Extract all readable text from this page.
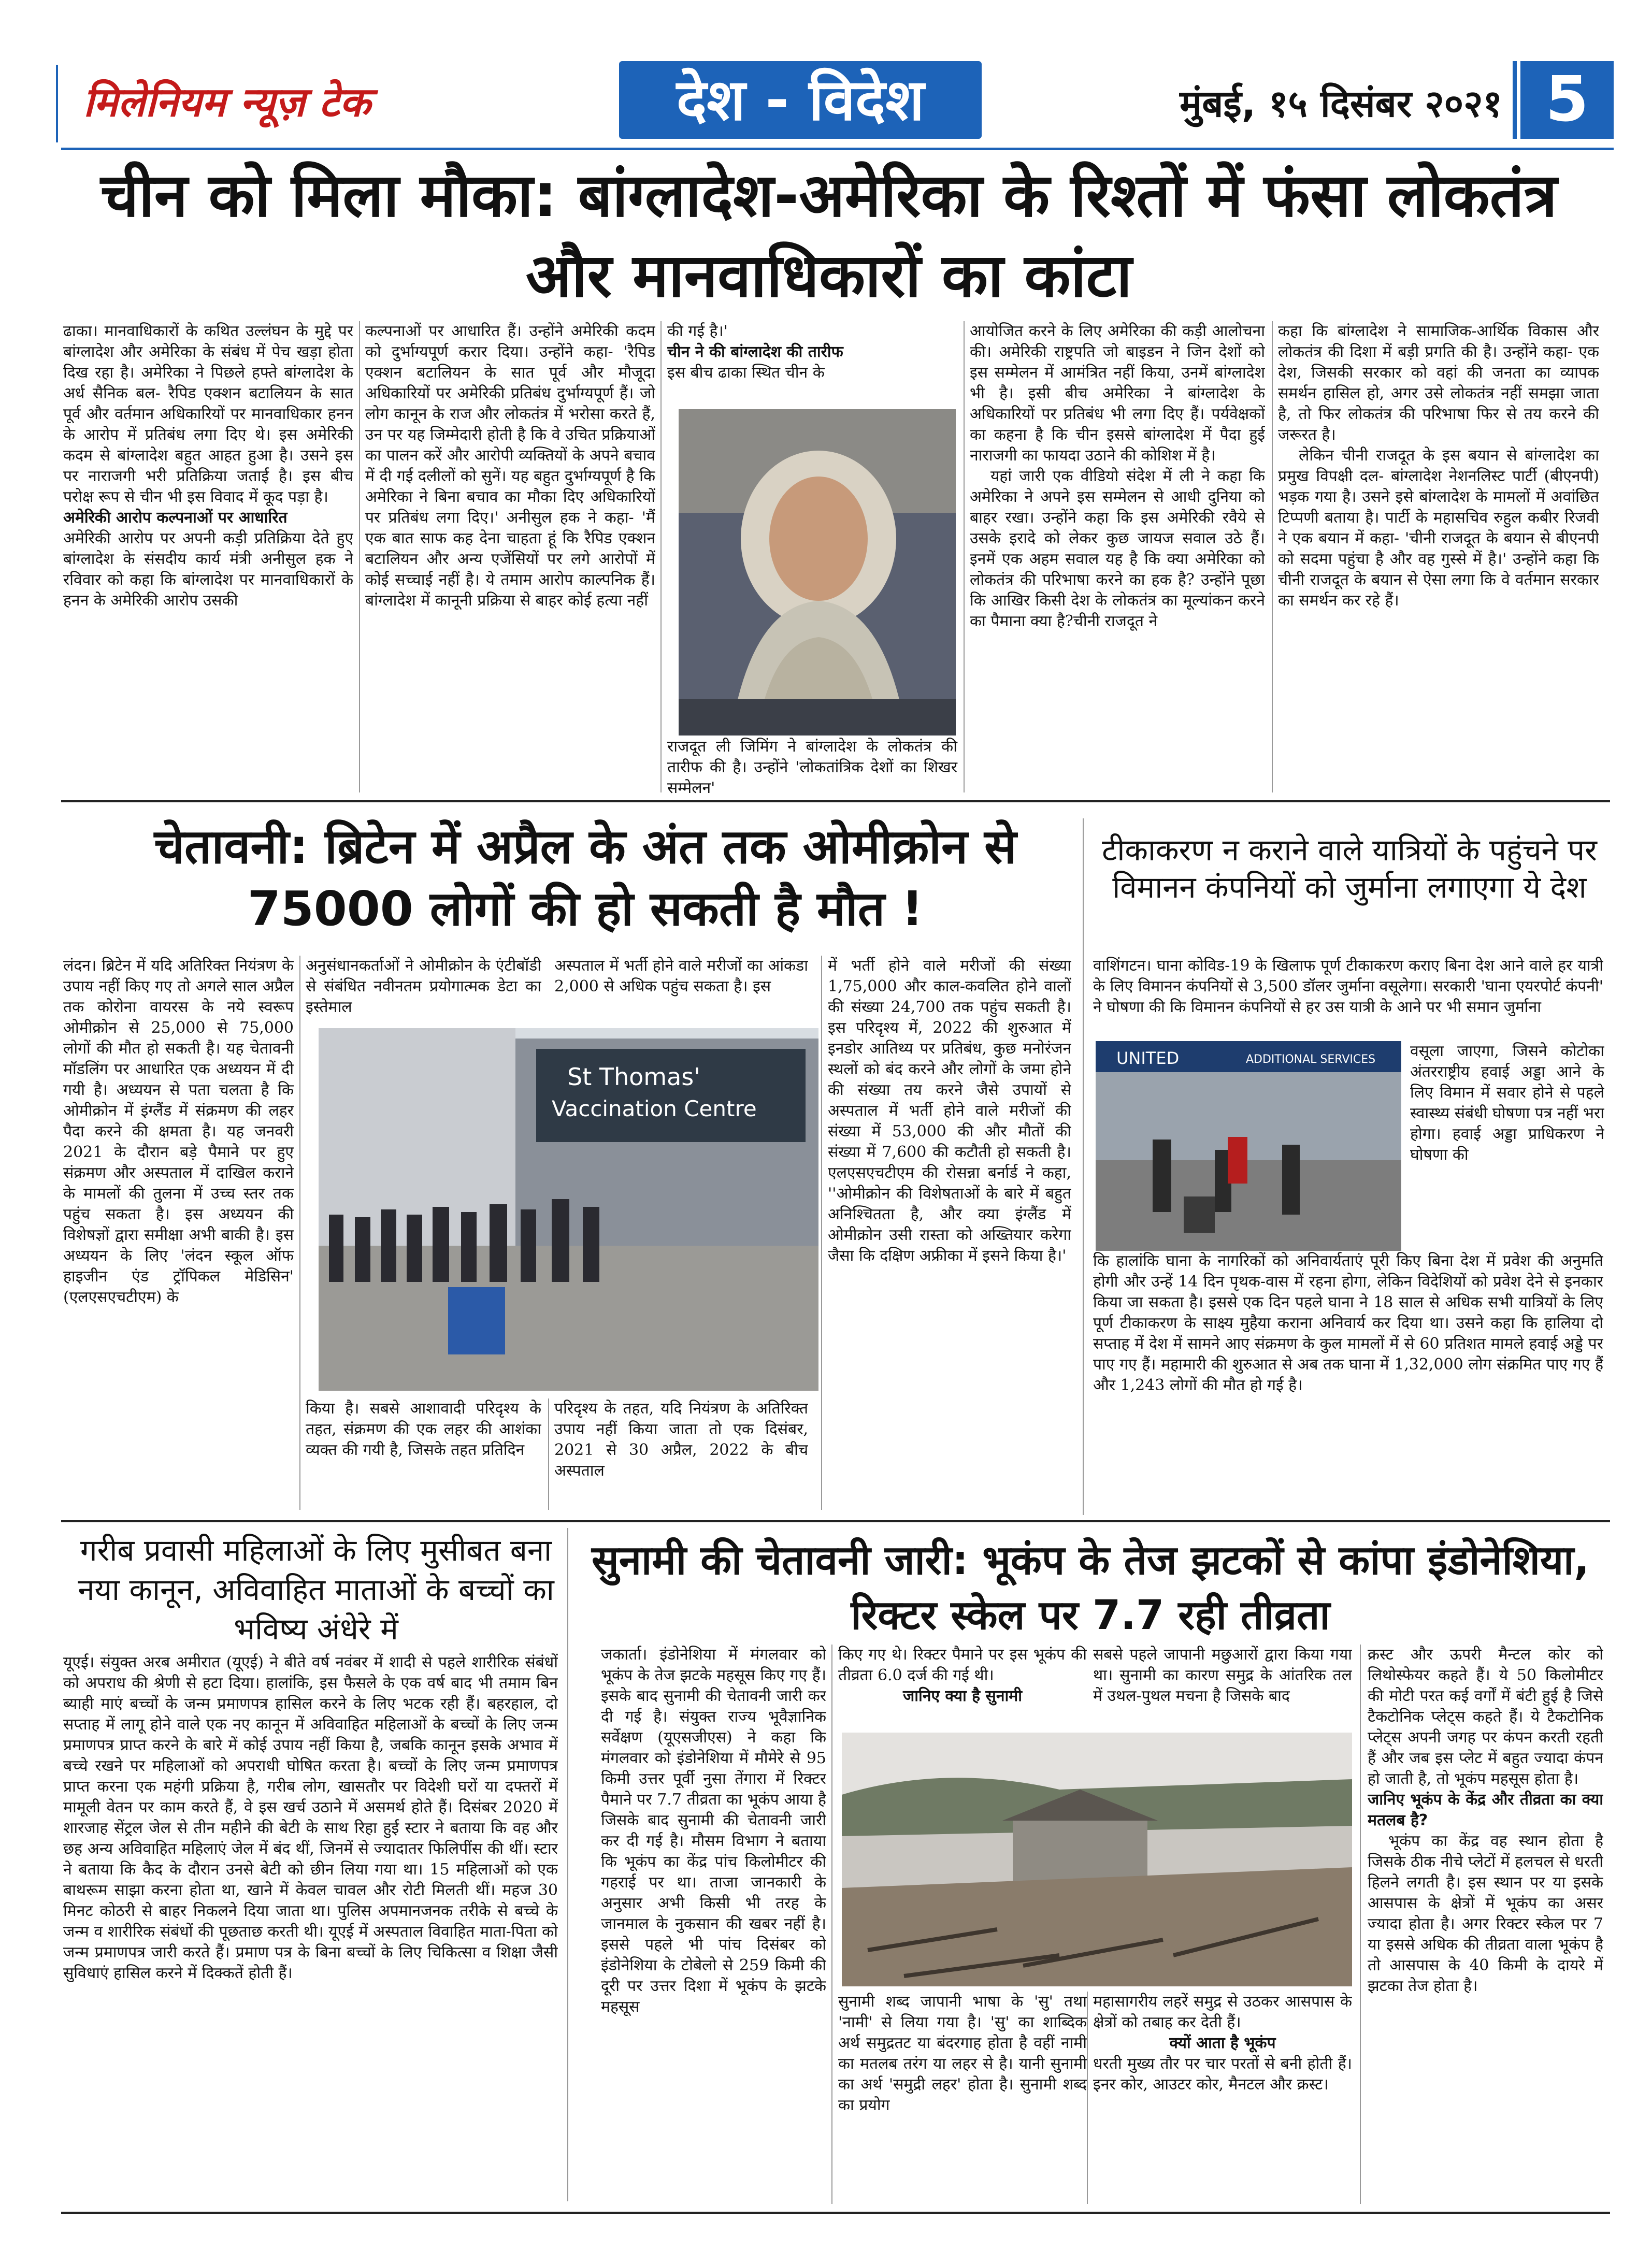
मिलेनियम न्यूज़ टेक	देश - विदेश	मुंबई, १५ दिसंबर २०२१ 5
चीन को मिला मौका: बांग्लादेश-अमेरिका के रिश्तों में फंसा लोकतंत्र और मानवाधिकारों का कांटा
ढाका। मानवाधिकारों के कथित उल्लंघन के मुद्दे पर बांग्लादेश और अमेरिका के संबंध में पेच खड़ा होता दिख रहा है। अमेरिका ने पिछले हफ्ते बांग्लादेश के अर्ध सैनिक बल- रैपिड एक्शन बटालियन के सात पूर्व और वर्तमान अधिकारियों पर मानवाधिकार हनन के आरोप में प्रतिबंध लगा दिए थे। इस अमेरिकी कदम से बांग्लादेश बहुत आहत हुआ है। उसने इस पर नाराजगी भरी प्रतिक्रिया जताई है। इस बीच परोक्ष रूप से चीन भी इस विवाद में कूद पड़ा है।
अमेरिकी आरोप कल्पनाओं पर आधारित
अमेरिकी आरोप पर अपनी कड़ी प्रतिक्रिया देते हुए बांग्लादेश के संसदीय कार्य मंत्री अनीसुल हक ने रविवार को कहा कि बांग्लादेश पर मानवाधिकारों के हनन के अमेरिकी आरोप उसकी
कल्पनाओं पर आधारित हैं। उन्होंने अमेरिकी कदम को दुर्भाग्यपूर्ण करार दिया। उन्होंने कहा- 'रैपिड एक्शन बटालियन के सात पूर्व और मौजूदा अधिकारियों पर अमेरिकी प्रतिबंध दुर्भाग्यपूर्ण हैं। जो लोग कानून के राज और लोकतंत्र में भरोसा करते हैं, उन पर यह जिम्मेदारी होती है कि वे उचित प्रक्रियाओं का पालन करें और आरोपी व्यक्तियों के अपने बचाव में दी गई दलीलों को सुनें। यह बहुत दुर्भाग्यपूर्ण है कि अमेरिका ने बिना बचाव का मौका दिए अधिकारियों पर प्रतिबंध लगा दिए।' अनीसुल हक ने कहा- 'मैं एक बात साफ कह देना चाहता हूं कि रैपिड एक्शन बटालियन और अन्य एजेंसियों पर लगे आरोपों में कोई सच्चाई नहीं है। ये तमाम आरोप काल्पनिक हैं। बांग्लादेश में कानूनी प्रक्रिया से बाहर कोई हत्या नहीं
की गई है।'
चीन ने की बांग्लादेश की तारीफ
इस बीच ढाका स्थित चीन के
राजदूत ली जिमिंग ने बांग्लादेश के लोकतंत्र की तारीफ की है। उन्होंने 'लोकतांत्रिक देशों का शिखर सम्मेलन'
आयोजित करने के लिए अमेरिका की कड़ी आलोचना की। अमेरिकी राष्ट्रपति जो बाइडन ने जिन देशों को इस सम्मेलन में आमंत्रित नहीं किया, उनमें बांग्लादेश भी है। इसी बीच अमेरिका ने बांग्लादेश के अधिकारियों पर प्रतिबंध भी लगा दिए हैं। पर्यवेक्षकों का कहना है कि चीन इससे बांग्लादेश में पैदा हुई नाराजगी का फायदा उठाने की कोशिश में है।
यहां जारी एक वीडियो संदेश में ली ने कहा कि अमेरिका ने अपने इस सम्मेलन से आधी दुनिया को बाहर रखा। उन्होंने कहा कि इस अमेरिकी रवैये से उसके इरादे को लेकर कुछ जायज सवाल उठे हैं। इनमें एक अहम सवाल यह है कि क्या अमेरिका को लोकतंत्र की परिभाषा करने का हक है? उन्होंने पूछा कि आखिर किसी देश के लोकतंत्र का मूल्यांकन करने का पैमाना क्या है?चीनी राजदूत ने
कहा कि बांग्लादेश ने सामाजिक-आर्थिक विकास और लोकतंत्र की दिशा में बड़ी प्रगति की है। उन्होंने कहा- एक देश, जिसकी सरकार को वहां की जनता का व्यापक समर्थन हासिल हो, अगर उसे लोकतंत्र नहीं समझा जाता है, तो फिर लोकतंत्र की परिभाषा फिर से तय करने की जरूरत है।
लेकिन चीनी राजदूत के इस बयान से बांग्लादेश का प्रमुख विपक्षी दल- बांग्लादेश नेशनलिस्ट पार्टी (बीएनपी) भड़क गया है। उसने इसे बांग्लादेश के मामलों में अवांछित टिप्पणी बताया है। पार्टी के महासचिव रुहुल कबीर रिजवी ने एक बयान में कहा- 'चीनी राजदूत के बयान से बीएनपी को सदमा पहुंचा है और वह गुस्से में है।' उन्होंने कहा कि चीनी राजदूत के बयान से ऐसा लगा कि वे वर्तमान सरकार का समर्थन कर रहे हैं।
चेतावनी: ब्रिटेन में अप्रैल के अंत तक ओमीक्रोन से 75000 लोगों की हो सकती है मौत !
लंदन। ब्रिटेन में यदि अतिरिक्त नियंत्रण के उपाय नहीं किए गए तो अगले साल अप्रैल तक कोरोना वायरस के नये स्वरूप ओमीक्रोन से 25,000 से 75,000 लोगों की मौत हो सकती है। यह चेतावनी मॉडलिंग पर आधारित एक अध्ययन में दी गयी है। अध्ययन से पता चलता है कि ओमीक्रोन में इंग्लैंड में संक्रमण की लहर पैदा करने की क्षमता है। यह जनवरी 2021 के दौरान बड़े पैमाने पर हुए संक्रमण और अस्पताल में दाखिल कराने के मामलों की तुलना में उच्च स्तर तक पहुंच सकता है। इस अध्ययन की विशेषज्ञों द्वारा समीक्षा अभी बाकी है। इस अध्ययन के लिए 'लंदन स्कूल ऑफ हाइजीन एंड ट्रॉपिकल मेडिसिन' (एलएसएचटीएम) के
अनुसंधानकर्ताओं ने ओमीक्रोन के एंटीबॉडी से संबंधित नवीनतम प्रयोगात्मक डेटा का इस्तेमाल
अस्पताल में भर्ती होने वाले मरीजों का आंकडा 2,000 से अधिक पहुंच सकता है। इस
St Thomas'
Vaccination Centre
किया है। सबसे आशावादी परिदृश्य के तहत, संक्रमण की एक लहर की आशंका व्यक्त की गयी है, जिसके तहत प्रतिदिन
परिदृश्य के तहत, यदि नियंत्रण के अतिरिक्त उपाय नहीं किया जाता तो एक दिसंबर, 2021 से 30 अप्रैल, 2022 के बीच अस्पताल
में भर्ती होने वाले मरीजों की संख्या 1,75,000 और काल-कवलित होने वालों की संख्या 24,700 तक पहुंच सकती है। इस परिदृश्य में, 2022 की शुरुआत में इनडोर आतिथ्य पर प्रतिबंध, कुछ मनोरंजन स्थलों को बंद करने और लोगों के जमा होने की संख्या तय करने जैसे उपायों से अस्पताल में भर्ती होने वाले मरीजों की संख्या में 53,000 की और मौतों की संख्या में 7,600 की कटौती हो सकती है। एलएसएचटीएम की रोसन्ना बर्नार्ड ने कहा, ''ओमीक्रोन की विशेषताओं के बारे में बहुत अनिश्चितता है, और क्या इंग्लैंड में ओमीक्रोन उसी रास्ता को अख्तियार करेगा जैसा कि दक्षिण अफ्रीका में इसने किया है।'
टीकाकरण न कराने वाले यात्रियों के पहुंचने पर विमानन कंपनियों को जुर्माना लगाएगा ये देश
वाशिंगटन। घाना कोविड-19 के खिलाफ पूर्ण टीकाकरण कराए बिना देश आने वाले हर यात्री के लिए विमानन कंपनियों से 3,500 डॉलर जुर्माना वसूलेगा। सरकारी 'घाना एयरपोर्ट कंपनी' ने घोषणा की कि विमानन कंपनियों से हर उस यात्री के आने पर भी समान जुर्माना
UNITED	ADDITIONAL SERVICES वसूला जाएगा, जिसने कोटोका अंतरराष्ट्रीय हवाई अड्डा आने के लिए विमान में सवार होने से पहले स्वास्थ्य संबंधी घोषणा पत्र नहीं भरा होगा। हवाई अड्डा प्राधिकरण ने घोषणा की
कि हालांकि घाना के नागरिकों को अनिवार्यताएं पूरी किए बिना देश में प्रवेश की अनुमति होगी और उन्हें 14 दिन पृथक-वास में रहना होगा, लेकिन विदेशियों को प्रवेश देने से इनकार किया जा सकता है। इससे एक दिन पहले घाना ने 18 साल से अधिक सभी यात्रियों के लिए पूर्ण टीकाकरण के साक्ष्य मुहैया कराना अनिवार्य कर दिया था। उसने कहा कि हालिया दो सप्ताह में देश में सामने आए संक्रमण के कुल मामलों में से 60 प्रतिशत मामले हवाई अड्डे पर पाए गए हैं। महामारी की शुरुआत से अब तक घाना में 1,32,000 लोग संक्रमित पाए गए हैं और 1,243 लोगों की मौत हो गई है।
गरीब प्रवासी महिलाओं के लिए मुसीबत बना नया कानून, अविवाहित माताओं के बच्चों का भविष्य अंधेरे में
यूएई। संयुक्त अरब अमीरात (यूएई) ने बीते वर्ष नवंबर में शादी से पहले शारीरिक संबंधों को अपराध की श्रेणी से हटा दिया। हालांकि, इस फैसले के एक वर्ष बाद भी तमाम बिन ब्याही माएं बच्चों के जन्म प्रमाणपत्र हासिल करने के लिए भटक रही हैं। बहरहाल, दो सप्ताह में लागू होने वाले एक नए कानून में अविवाहित महिलाओं के बच्चों के लिए जन्म प्रमाणपत्र प्राप्त करने के बारे में कोई उपाय नहीं किया है, जबकि कानून इसके अभाव में बच्चे रखने पर महिलाओं को अपराधी घोषित करता है। बच्चों के लिए जन्म प्रमाणपत्र प्राप्त करना एक महंगी प्रक्रिया है, गरीब लोग, खासतौर पर विदेशी घरों या दफ्तरों में मामूली वेतन पर काम करते हैं, वे इस खर्च उठाने में असमर्थ होते हैं। दिसंबर 2020 में शारजाह सेंट्रल जेल से तीन महीने की बेटी के साथ रिहा हुई स्टार ने बताया कि वह और छह अन्य अविवाहित महिलाएं जेल में बंद थीं, जिनमें से ज्यादातर फिलिपींस की थीं। स्टार ने बताया कि कैद के दौरान उनसे बेटी को छीन लिया गया था। 15 महिलाओं को एक बाथरूम साझा करना होता था, खाने में केवल चावल और रोटी मिलती थीं। महज 30 मिनट कोठरी से बाहर निकलने दिया जाता था। पुलिस अपमानजनक तरीके से बच्चे के जन्म व शारीरिक संबंधों की पूछताछ करती थी। यूएई में अस्पताल विवाहित माता-पिता को जन्म प्रमाणपत्र जारी करते हैं। प्रमाण पत्र के बिना बच्चों के लिए चिकित्सा व शिक्षा जैसी सुविधाएं हासिल करने में दिक्कतें होती हैं।
सुनामी की चेतावनी जारी: भूकंप के तेज झटकों से कांपा इंडोनेशिया, रिक्टर स्केल पर 7.7 रही तीव्रता
जकार्ता। इंडोनेशिया में मंगलवार को भूकंप के तेज झटके महसूस किए गए हैं। इसके बाद सुनामी की चेतावनी जारी कर दी गई है। संयुक्त राज्य भूवैज्ञानिक सर्वेक्षण (यूएसजीएस) ने कहा कि मंगलवार को इंडोनेशिया में मौमेरे से 95 किमी उत्तर पूर्वी नुसा तेंगारा में रिक्टर पैमाने पर 7.7 तीव्रता का भूकंप आया है जिसके बाद सुनामी की चेतावनी जारी कर दी गई है। मौसम विभाग ने बताया कि भूकंप का केंद्र पांच किलोमीटर की गहराई पर था। ताजा जानकारी के अनुसार अभी किसी भी तरह के जानमाल के नुकसान की खबर नहीं है। इससे पहले भी पांच दिसंबर को इंडोनेशिया के टोबेलो से 259 किमी की दूरी पर उत्तर दिशा में भूकंप के झटके महसूस
किए गए थे। रिक्टर पैमाने पर इस भूकंप की तीव्रता 6.0 दर्ज की गई थी।
जानिए क्या है सुनामी
सबसे पहले जापानी मछुआरों द्वारा किया गया था। सुनामी का कारण समुद्र के आंतरिक तल में उथल-पुथल मचना है जिसके बाद
सुनामी शब्द जापानी भाषा के 'सु' तथा 'नामी' से लिया गया है। 'सु' का शाब्दिक अर्थ समुद्रतट या बंदरगाह होता है वहीं नामी का मतलब तरंग या लहर से है। यानी सुनामी का अर्थ 'समुद्री लहर' होता है। सुनामी शब्द का प्रयोग
महासागरीय लहरें समुद्र से उठकर आसपास के क्षेत्रों को तबाह कर देती हैं।
क्यों आता है भूकंप
धरती मुख्य तौर पर चार परतों से बनी होती हैं। इनर कोर, आउटर कोर, मैनटल और क्रस्ट।
क्रस्ट और ऊपरी मैन्टल कोर को लिथोस्फेयर कहते हैं। ये 50 किलोमीटर की मोटी परत कई वर्गों में बंटी हुई है जिसे टैकटोनिक प्लेट्स कहते हैं। ये टैकटोनिक प्लेट्स अपनी जगह पर कंपन करती रहती हैं और जब इस प्लेट में बहुत ज्यादा कंपन हो जाती है, तो भूकंप महसूस होता है।
जानिए भूकंप के केंद्र और तीव्रता का क्या मतलब है?
भूकंप का केंद्र वह स्थान होता है जिसके ठीक नीचे प्लेटों में हलचल से धरती हिलने लगती है। इस स्थान पर या इसके आसपास के क्षेत्रों में भूकंप का असर ज्यादा होता है। अगर रिक्टर स्केल पर 7 या इससे अधिक की तीव्रता वाला भूकंप है तो आसपास के 40 किमी के दायरे में झटका तेज होता है।
